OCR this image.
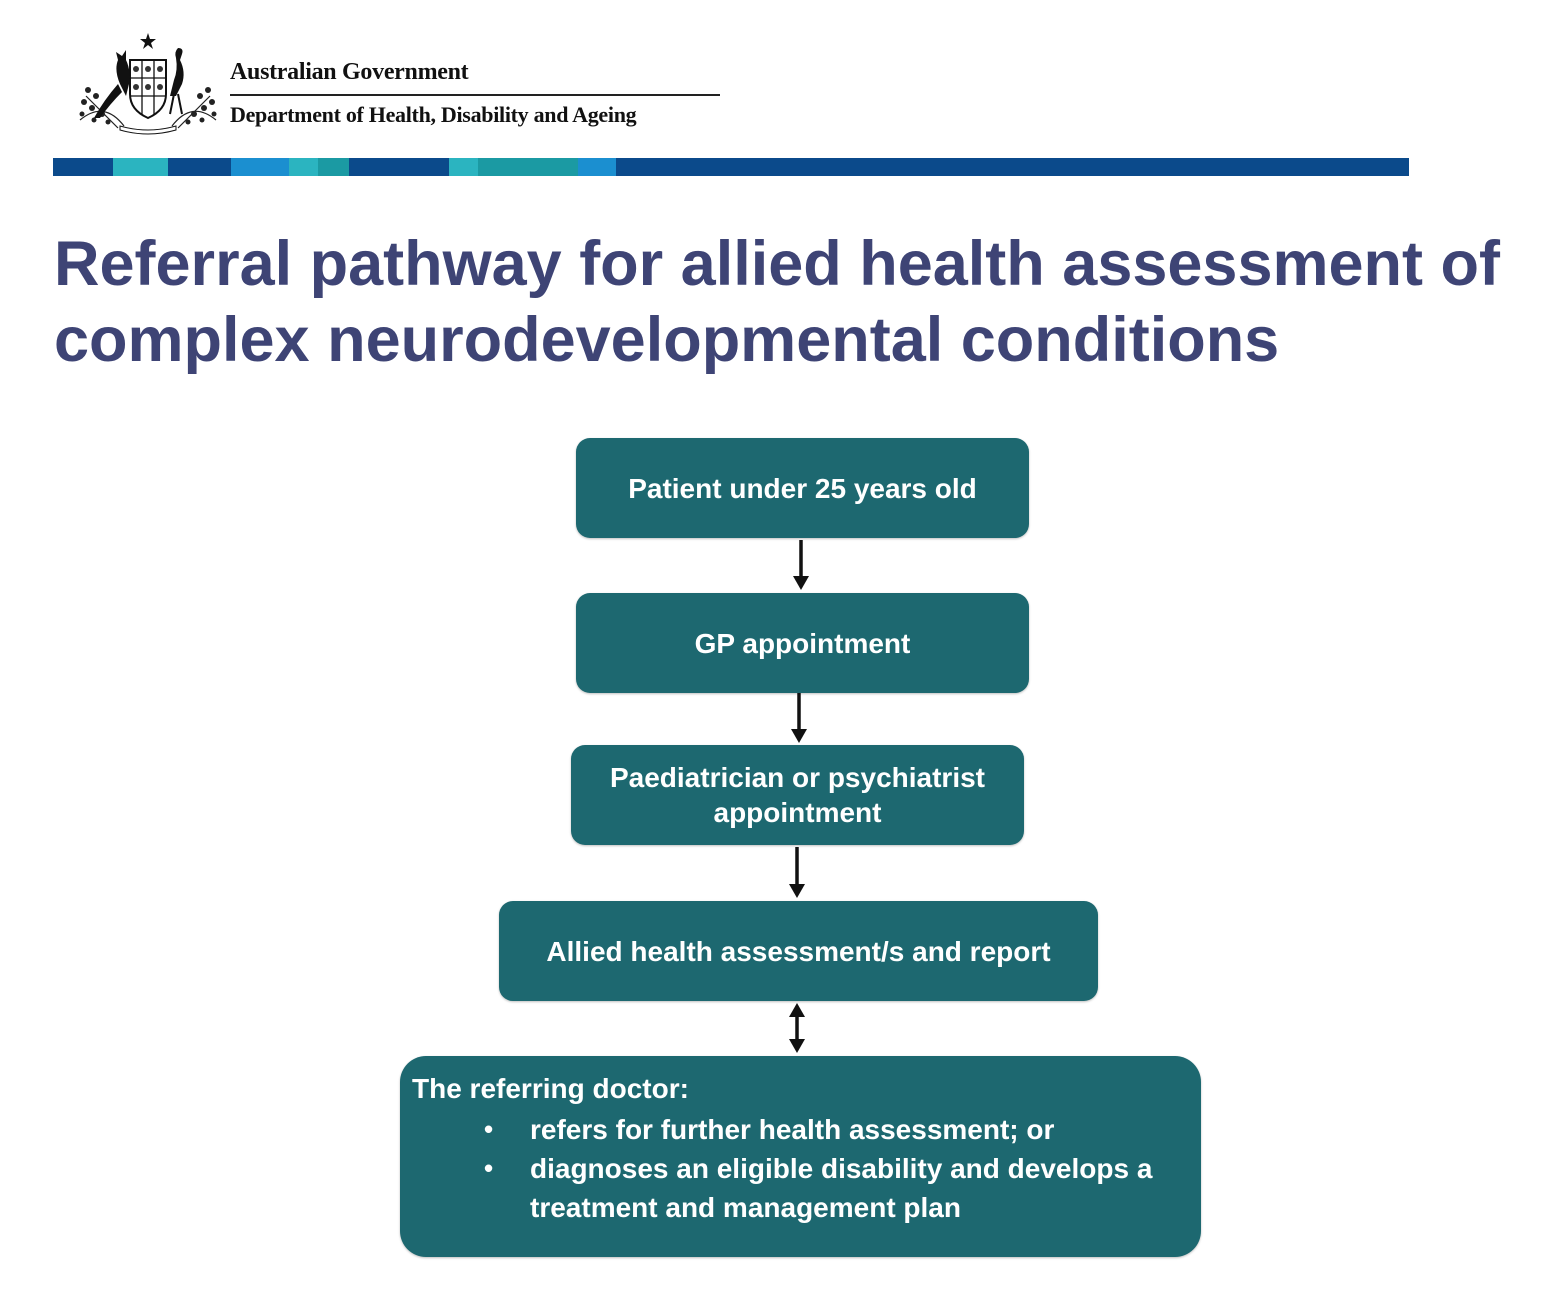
Australian Government
Department of Health, Disability and Ageing
Referral pathway for allied health assessment of complex neurodevelopmental conditions
Patient under 25 years old
GP appointment
Paediatrician or psychiatrist appointment
Allied health assessment/s and report
The referring doctor:
• refers for further health assessment; or
• diagnoses an eligible disability and develops a treatment and management plan
